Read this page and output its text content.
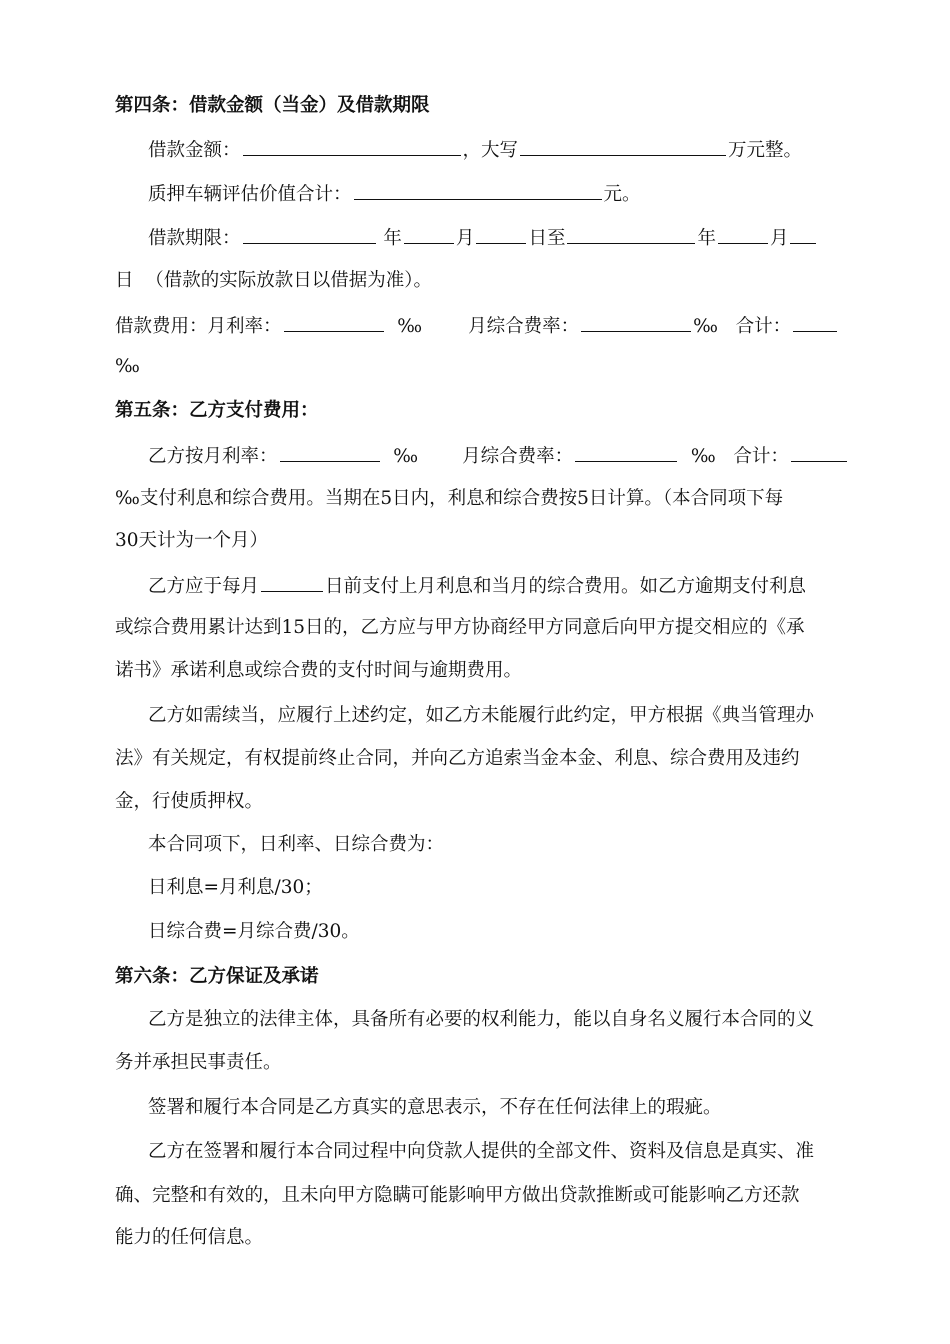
第四条：借款金额（当金）及借款期限
借款金额：	，大写	万元整。
质押车辆评估价值合计：	元。
借款期限：	年	月	日至	年	月
日 （借款的实际放款日以借据为准）。
借款费用：月利率：	‰ 月综合费率：	‰ 合计：
‰
第五条：乙方支付费用：
乙方按月利率：	‰ 月综合费率：	‰ 合计：
‰支付利息和综合费用。当期在5日内，利息和综合费按5日计算。（本合同项下每
30天计为一个月）
乙方应于每月	日前支付上月利息和当月的综合费用。如乙方逾期支付利息
或综合费用累计达到15日的，乙方应与甲方协商经甲方同意后向甲方提交相应的《承
诺书》承诺利息或综合费的支付时间与逾期费用。
乙方如需续当，应履行上述约定，如乙方未能履行此约定，甲方根据《典当管理办
法》有关规定，有权提前终止合同，并向乙方追索当金本金、利息、综合费用及违约
金，行使质押权。
本合同项下，日利率、日综合费为：
日利息=月利息/30；
日综合费=月综合费/30。
第六条：乙方保证及承诺
乙方是独立的法律主体，具备所有必要的权利能力，能以自身名义履行本合同的义
务并承担民事责任。
签署和履行本合同是乙方真实的意思表示，不存在任何法律上的瑕疵。
乙方在签署和履行本合同过程中向贷款人提供的全部文件、资料及信息是真实、准
确、完整和有效的，且未向甲方隐瞒可能影响甲方做出贷款推断或可能影响乙方还款
能力的任何信息。
